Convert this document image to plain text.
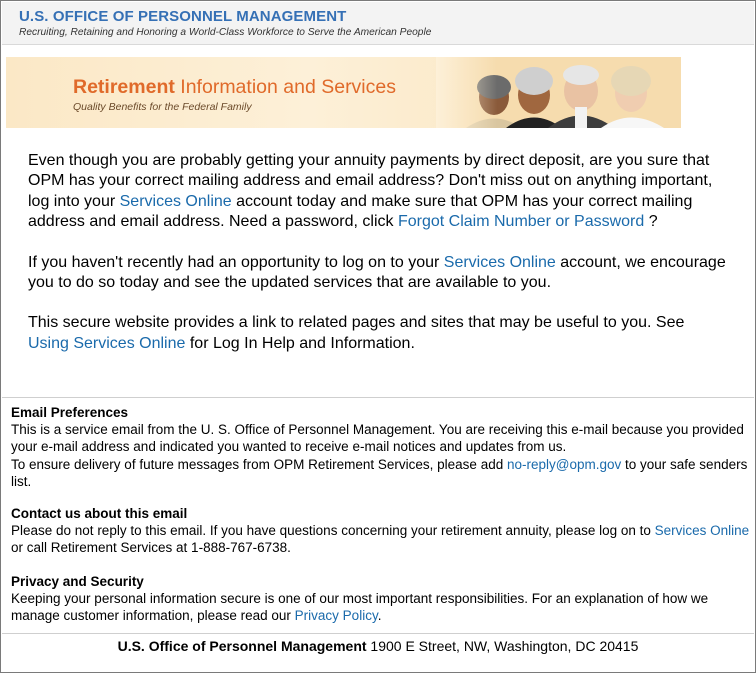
U.S. OFFICE OF PERSONNEL MANAGEMENT
Recruiting, Retaining and Honoring a World-Class Workforce to Serve the American People
Retirement Information and Services
Quality Benefits for the Federal Family

Even though you are probably getting your annuity payments by direct deposit, are you sure that OPM has your correct mailing address and email address? Don't miss out on anything important, log into your Services Online account today and make sure that OPM has your correct mailing address and email address. Need a password, click Forgot Claim Number or Password ?

If you haven't recently had an opportunity to log on to your Services Online account, we encourage you to do so today and see the updated services that are available to you.

This secure website provides a link to related pages and sites that may be useful to you. See Using Services Online for Log In Help and Information.

Email Preferences

This is a service email from the U. S. Office of Personnel Management. You are receiving this e-mail because you provided your e-mail address and indicated you wanted to receive e-mail notices and updates from us.

To ensure delivery of future messages from OPM Retirement Services, please add no-reply@opm.gov to your safe senders list.

Contact us about this email

Please do not reply to this email. If you have questions concerning your retirement annuity, please log on to Services Online or call Retirement Services at 1-888-767-6738.

Privacy and Security

Keeping your personal information secure is one of our most important responsibilities. For an explanation of how we manage customer information, please read our Privacy Policy.

U.S. Office of Personnel Management 1900 E Street, NW, Washington, DC 20415
